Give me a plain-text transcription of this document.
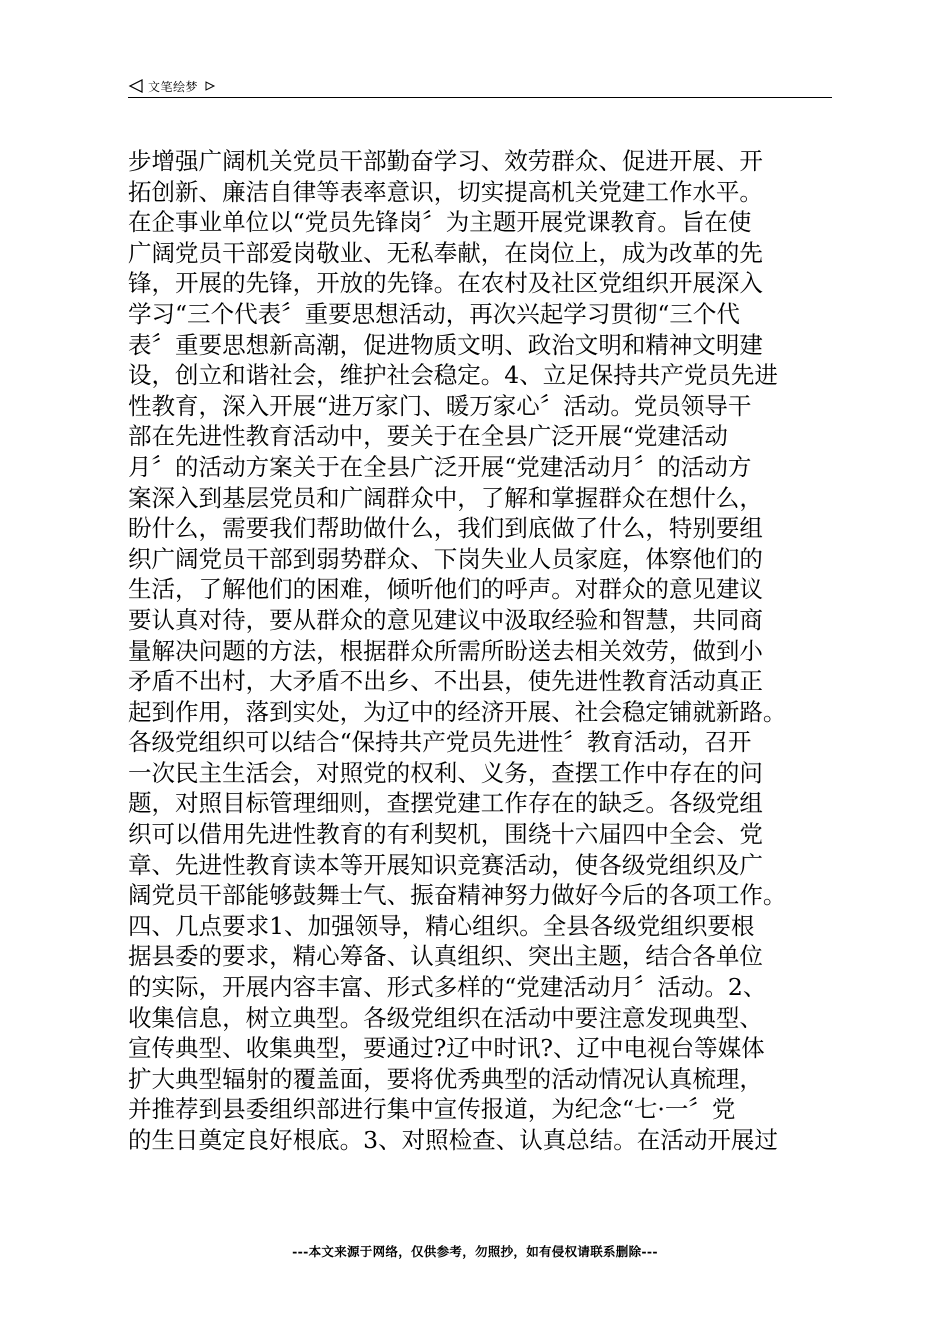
文笔绘梦
步增强广阔机关党员干部勤奋学习、效劳群众、促进开展、开
拓创新、廉洁自律等表率意识，切实提高机关党建工作水平。
在企事业单位以“党员先锋岗〞为主题开展党课教育。旨在使
广阔党员干部爱岗敬业、无私奉献，在岗位上，成为改革的先
锋，开展的先锋，开放的先锋。在农村及社区党组织开展深入
学习“三个代表〞重要思想活动，再次兴起学习贯彻“三个代
表〞重要思想新高潮，促进物质文明、政治文明和精神文明建
设，创立和谐社会，维护社会稳定。4、立足保持共产党员先进
性教育，深入开展“进万家门、暖万家心〞活动。党员领导干
部在先进性教育活动中，要关于在全县广泛开展“党建活动
月〞的活动方案关于在全县广泛开展“党建活动月〞的活动方
案深入到基层党员和广阔群众中，了解和掌握群众在想什么，
盼什么，需要我们帮助做什么，我们到底做了什么，特别要组
织广阔党员干部到弱势群众、下岗失业人员家庭，体察他们的
生活，了解他们的困难，倾听他们的呼声。对群众的意见建议
要认真对待，要从群众的意见建议中汲取经验和智慧，共同商
量解决问题的方法，根据群众所需所盼送去相关效劳，做到小
矛盾不出村，大矛盾不出乡、不出县，使先进性教育活动真正
起到作用，落到实处，为辽中的经济开展、社会稳定铺就新路。
各级党组织可以结合“保持共产党员先进性〞教育活动，召开
一次民主生活会，对照党的权利、义务，查摆工作中存在的问
题，对照目标管理细则，查摆党建工作存在的缺乏。各级党组
织可以借用先进性教育的有利契机，围绕十六届四中全会、党
章、先进性教育读本等开展知识竞赛活动，使各级党组织及广
阔党员干部能够鼓舞士气、振奋精神努力做好今后的各项工作。
四、几点要求1、加强领导，精心组织。全县各级党组织要根
据县委的要求，精心筹备、认真组织、突出主题，结合各单位
的实际，开展内容丰富、形式多样的“党建活动月〞活动。2、
收集信息，树立典型。各级党组织在活动中要注意发现典型、
宣传典型、收集典型，要通过?辽中时讯?、辽中电视台等媒体
扩大典型辐射的覆盖面，要将优秀典型的活动情况认真梳理，
并推荐到县委组织部进行集中宣传报道，为纪念“七·一〞党
的生日奠定良好根底。3、对照检查、认真总结。在活动开展过
---本文来源于网络，仅供参考，勿照抄，如有侵权请联系删除---
